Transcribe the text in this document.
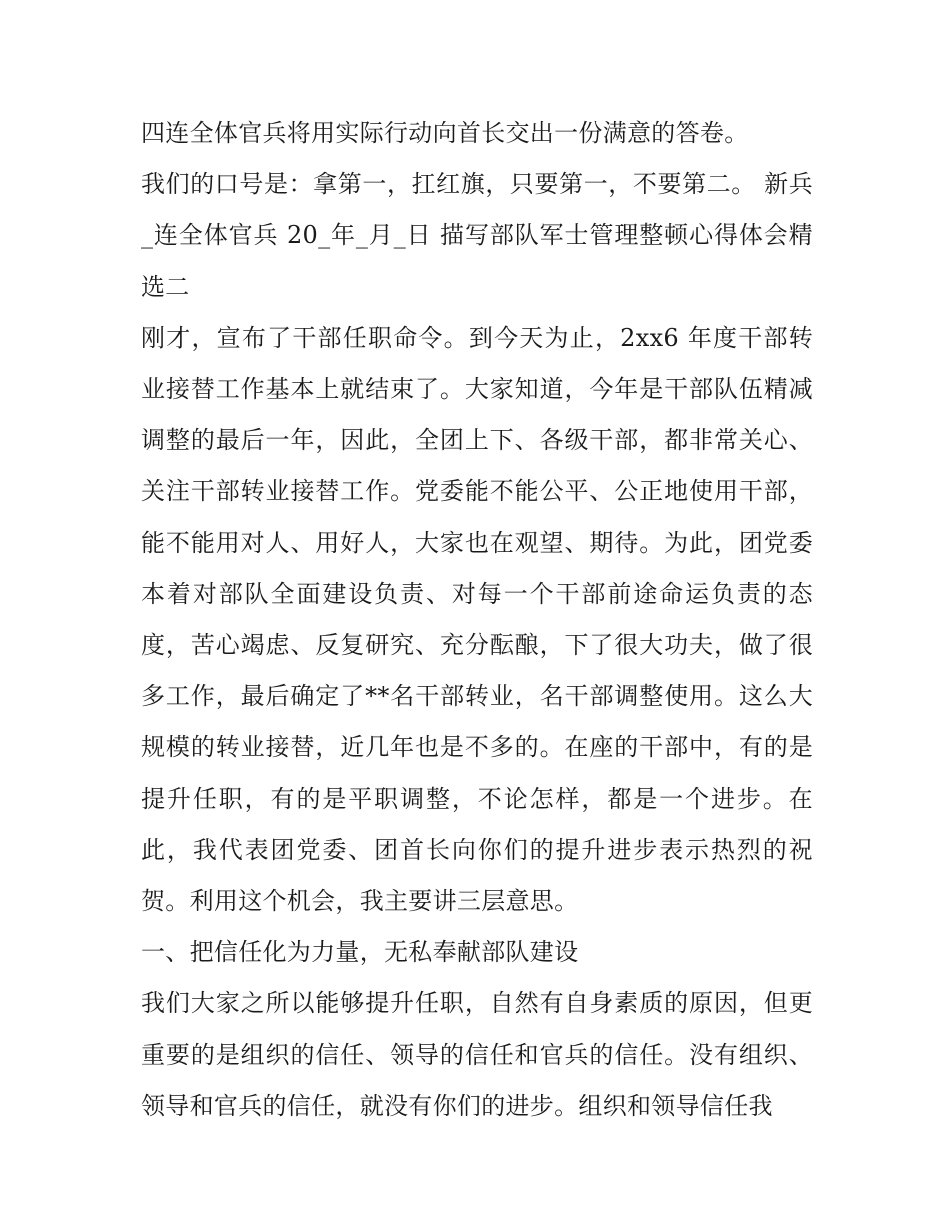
四连全体官兵将用实际行动向首长交出一份满意的答卷。

我们的口号是：拿第一，扛红旗，只要第一，不要第二。 新兵_连全体官兵 20_年_月_日 描写部队军士管理整顿心得体会精选二

刚才，宣布了干部任职命令。到今天为止，2xx6 年度干部转业接替工作基本上就结束了。大家知道，今年是干部队伍精减调整的最后一年，因此，全团上下、各级干部，都非常关心、关注干部转业接替工作。党委能不能公平、公正地使用干部，能不能用对人、用好人，大家也在观望、期待。为此，团党委本着对部队全面建设负责、对每一个干部前途命运负责的态度，苦心竭虑、反复研究、充分酝酿，下了很大功夫，做了很多工作，最后确定了**名干部转业，名干部调整使用。这么大规模的转业接替，近几年也是不多的。在座的干部中，有的是提升任职，有的是平职调整，不论怎样，都是一个进步。在此，我代表团党委、团首长向你们的提升进步表示热烈的祝贺。利用这个机会，我主要讲三层意思。

一、把信任化为力量，无私奉献部队建设

我们大家之所以能够提升任职，自然有自身素质的原因，但更重要的是组织的信任、领导的信任和官兵的信任。没有组织、领导和官兵的信任，就没有你们的进步。组织和领导信任我
